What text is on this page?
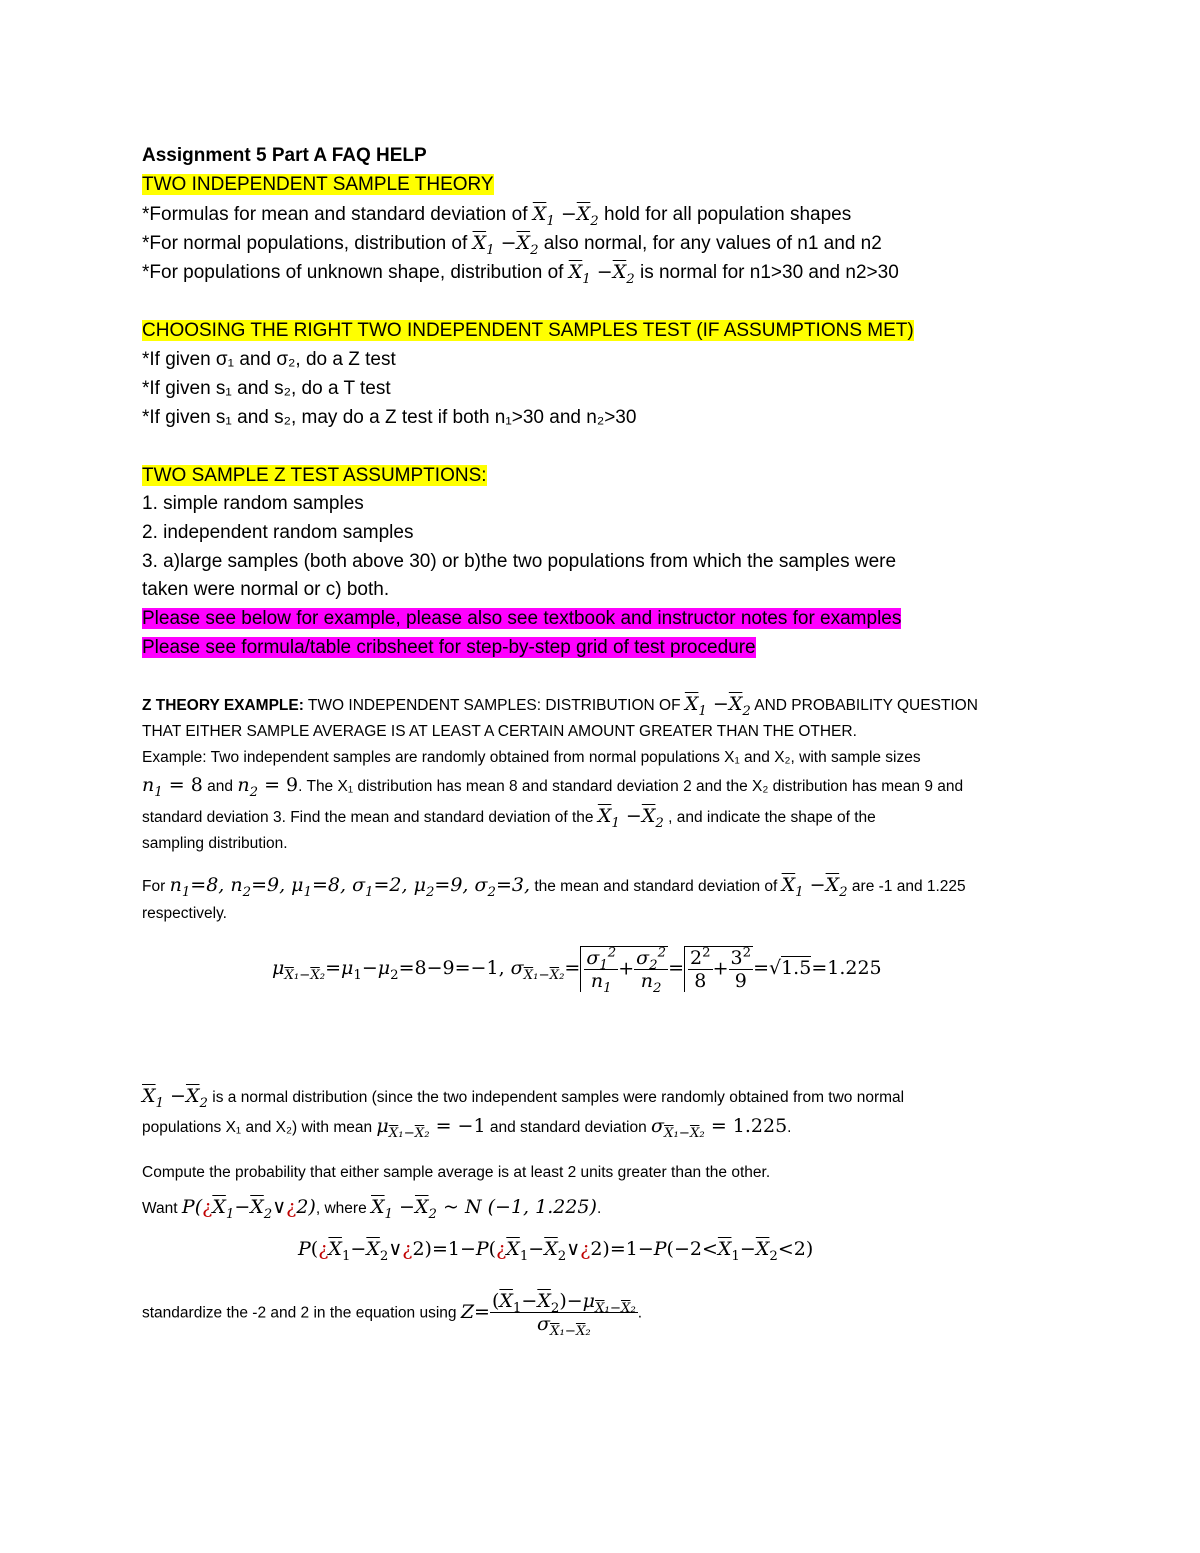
Assignment 5 Part A FAQ HELP
TWO INDEPENDENT SAMPLE THEORY
*Formulas for mean and standard deviation of $\overline{X}_1 -\overline{X}_2$ hold for all population shapes
*For normal populations, distribution of $\overline{X}_1 -\overline{X}_2$ also normal, for any values of n1 and n2
*For populations of unknown shape, distribution of $\overline{X}_1 -\overline{X}_2$ is normal for n1>30 and n2>30
CHOOSING THE RIGHT TWO INDEPENDENT SAMPLES TEST (IF ASSUMPTIONS MET)
*If given σ₁ and σ₂, do a Z test
*If given s₁ and s₂, do a T test
*If given s₁ and s₂, may do a Z test if both n₁>30 and n₂>30
TWO SAMPLE Z TEST ASSUMPTIONS:
1. simple random samples
2. independent random samples
3. a)large samples (both above 30) or b)the two populations from which the samples were
taken were normal or c) both.
Please see below for example, please also see textbook and instructor notes for examples
Please see formula/table cribsheet for step-by-step grid of test procedure
Z THEORY EXAMPLE: TWO INDEPENDENT SAMPLES: DISTRIBUTION OF $\overline{X}_1 -\overline{X}_2$ AND PROBABILITY QUESTION
THAT EITHER SAMPLE AVERAGE IS AT LEAST A CERTAIN AMOUNT GREATER THAN THE OTHER.
Example: Two independent samples are randomly obtained from normal populations X₁ and X₂, with sample sizes
$n_1 = 8$ and $n_2 = 9$. The X₁ distribution has mean 8 and standard deviation 2 and the X₂ distribution has mean 9 and
standard deviation 3. Find the mean and standard deviation of the $\overline{X}_1 -\overline{X}_2$ , and indicate the shape of the
sampling distribution.
For $n_1=8$, $n_2=9$, $\mu_1=8$, $\sigma_1=2$, $\mu_2=9$, $\sigma_2=3$, the mean and standard deviation of $\overline{X}_1 -\overline{X}_2$ are -1 and 1.225
respectively.
$\mu_{\overline{X}_1-\overline{X}_2}=\mu_1-\mu_2=8-9=-1$, $\sigma_{\overline{X}_1-\overline{X}_2}= \frac{\sigma_1^2}{n_1} + \frac{\sigma_2^2}{n_2} = \frac{2^2}{8} + \frac{3^2}{9} =√1.5=1.225$
$\overline{X}_1 -\overline{X}_2$ is a normal distribution (since the two independent samples were randomly obtained from two normal
populations X₁ and X₂) with mean $\mu_{\overline{X}_1-\overline{X}_2} = -1$ and standard deviation $\sigma_{\overline{X}_1-\overline{X}_2} = 1.225$.
Compute the probability that either sample average is at least 2 units greater than the other.
Want $P(¿\overline{X}_1-\overline{X}_2\vee¿2)$, where $\overline{X}_1 -\overline{X}_2$ ~ N (−1, 1.225).
$P(¿\overline{X}_1-\overline{X}_2\vee¿2)=1-P(¿\overline{X}_1-\overline{X}_2\vee¿2)=1-P(-2<\overline{X}_1-\overline{X}_2<2)$
standardize the -2 and 2 in the equation using $Z= \frac{(\overline{X}_1-\overline{X}_2)-\mu_{\overline{X}_1-\overline{X}_2}}{\sigma_{\overline{X}_1-\overline{X}_2}}$ .
